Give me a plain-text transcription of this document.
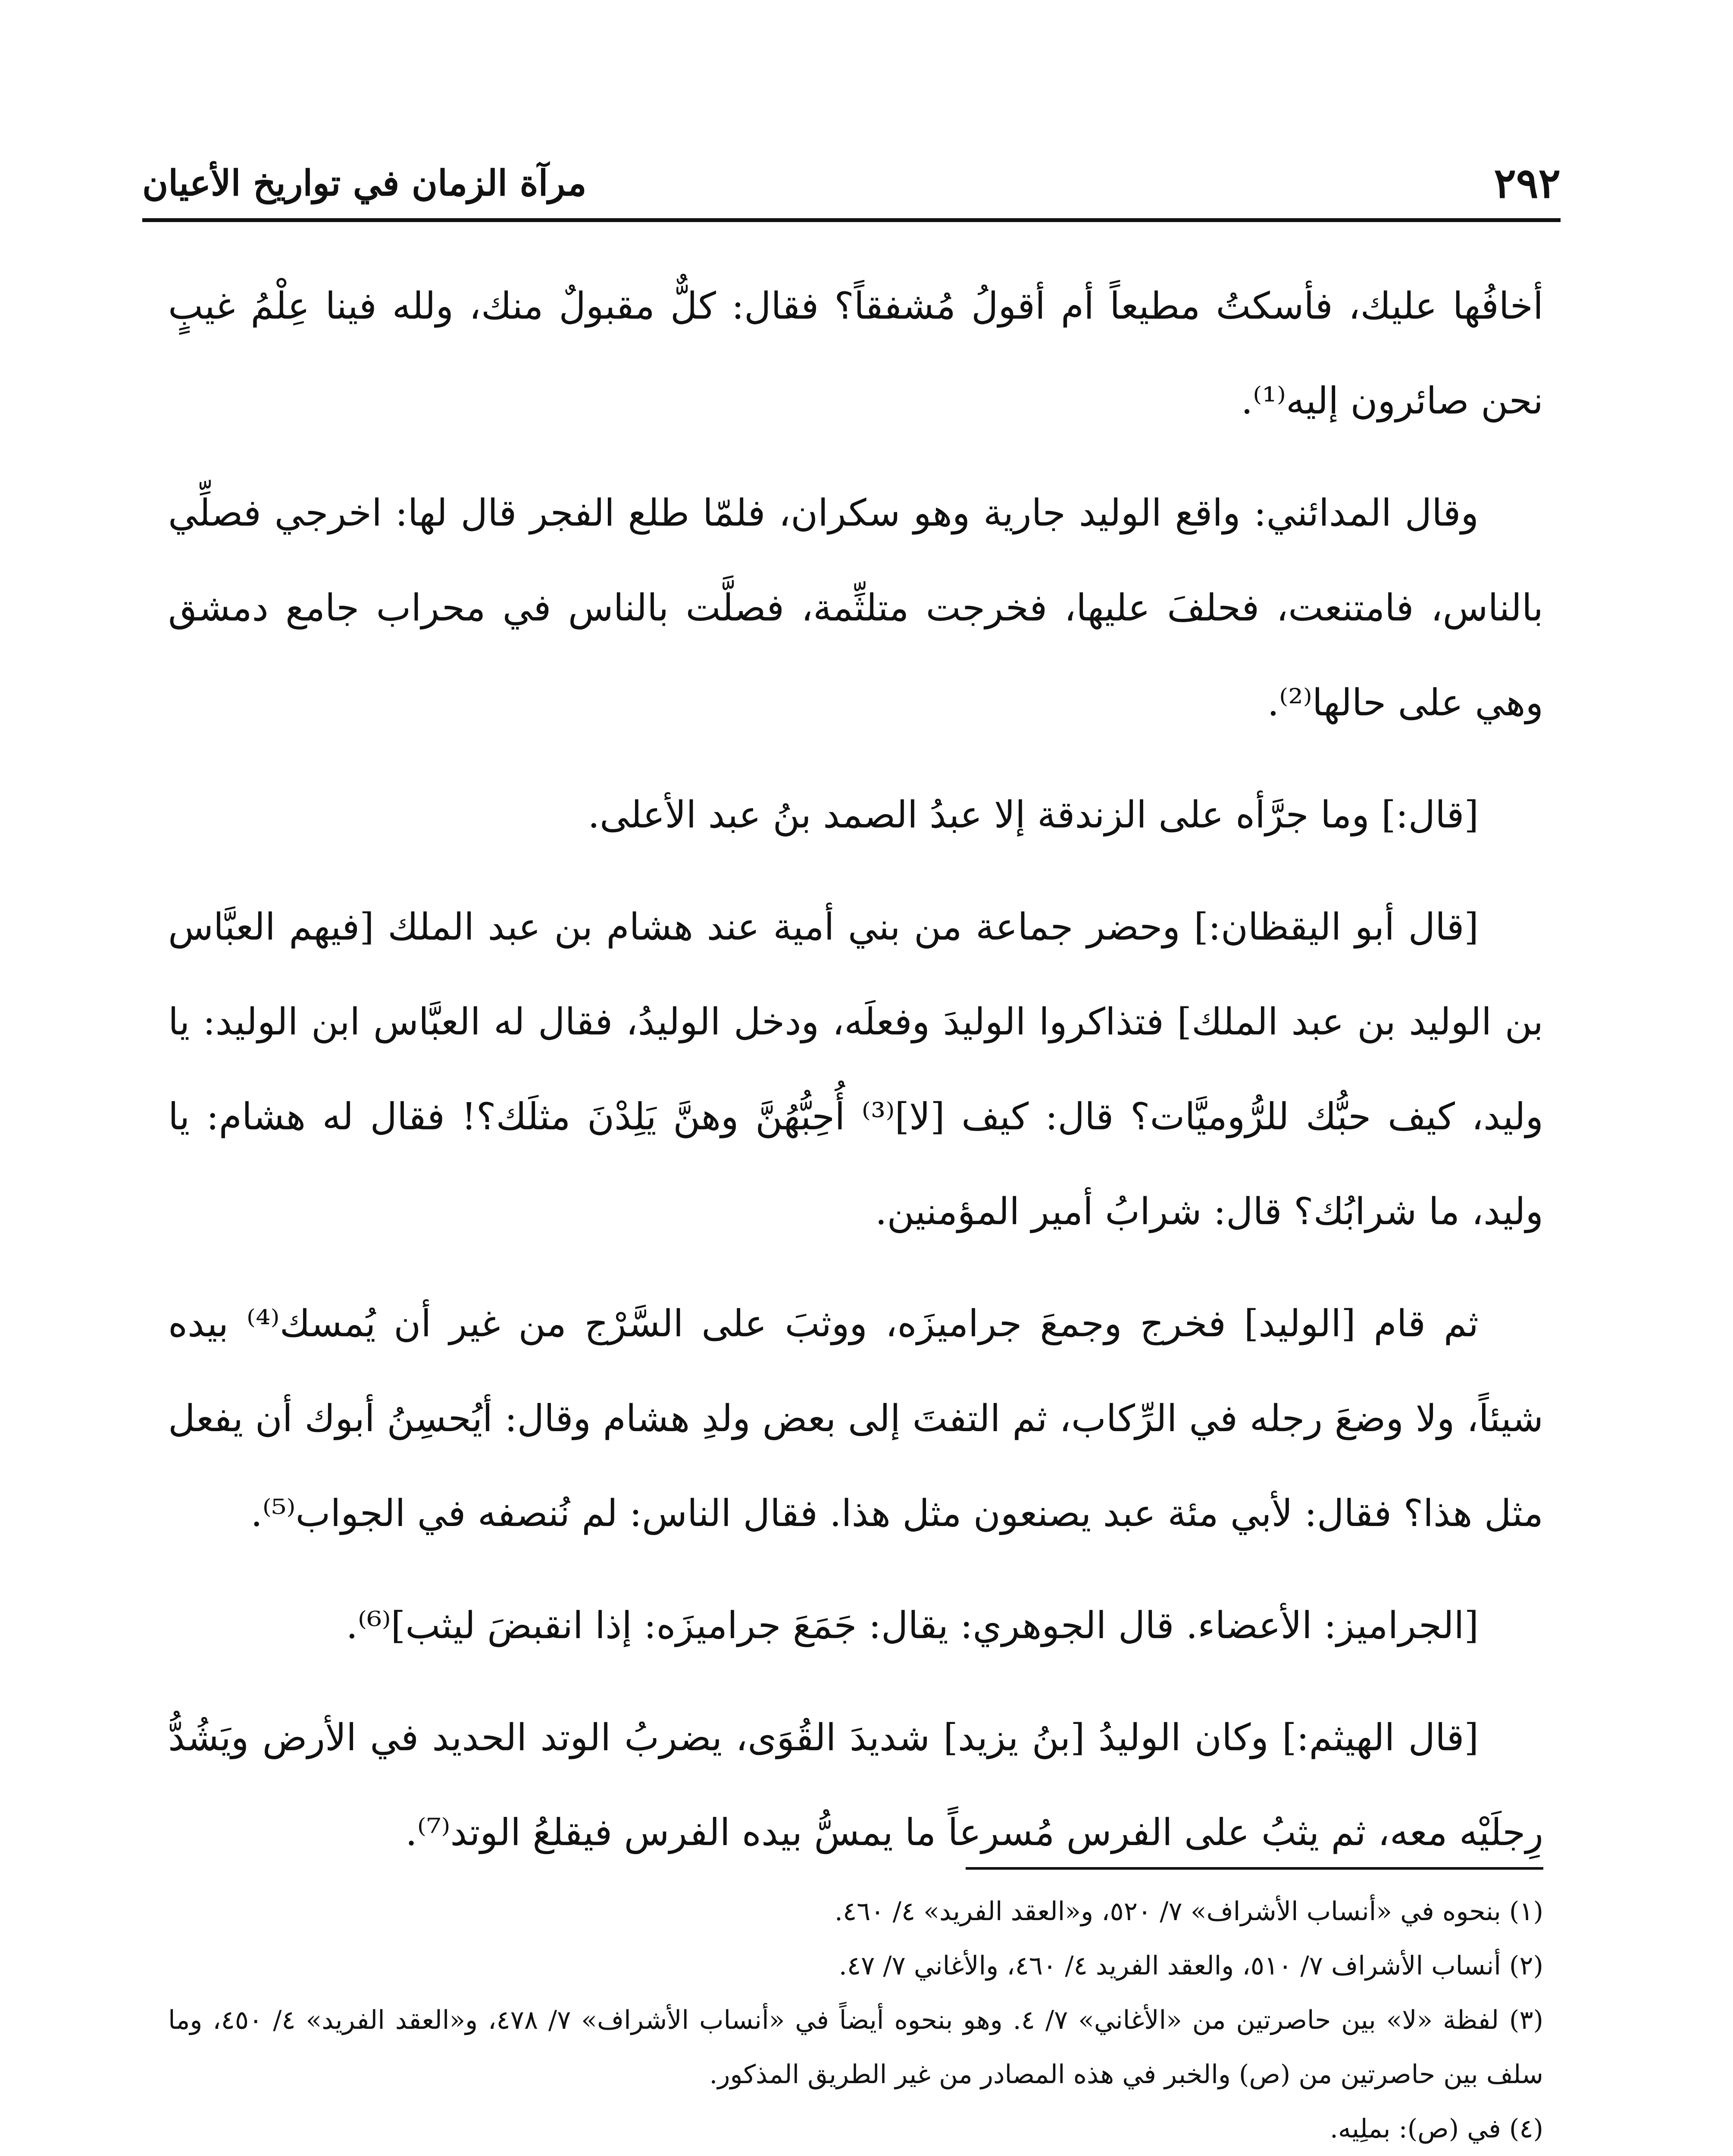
٢٩٢
مرآة الزمان في تواريخ الأعيان

أخافُها عليك، فأسكتُ مطيعاً أم أقولُ مُشفقاً؟ فقال: كلٌّ مقبولٌ منك، ولله فينا عِلْمُ غيبٍ نحن صائرون إليه⁽¹⁾.

وقال المدائني: واقع الوليد جارية وهو سكران، فلمّا طلع الفجر قال لها: اخرجي فصلِّي بالناس، فامتنعت، فحلفَ عليها، فخرجت متلثِّمة، فصلَّت بالناس في محراب جامع دمشق وهي على حالها⁽²⁾.

[قال:] وما جرَّأه على الزندقة إلا عبدُ الصمد بنُ عبد الأعلى.

[قال أبو اليقظان:] وحضر جماعة من بني أمية عند هشام بن عبد الملك [فيهم العبَّاس بن الوليد بن عبد الملك] فتذاكروا الوليدَ وفعلَه، ودخل الوليدُ، فقال له العبَّاس ابن الوليد: يا وليد، كيف حبُّك للرُّوميَّات؟ قال: كيف [لا]⁽³⁾ أُحِبُّهُنَّ وهنَّ يَلِدْنَ مثلَك؟! فقال له هشام: يا وليد، ما شرابُك؟ قال: شرابُ أمير المؤمنين.

ثم قام [الوليد] فخرج وجمعَ جراميزَه، ووثبَ على السَّرْج من غير أن يُمسك⁽⁴⁾ بيده شيئاً، ولا وضعَ رجله في الرِّكاب، ثم التفتَ إلى بعض ولدِ هشام وقال: أيُحسِنُ أبوك أن يفعل مثل هذا؟ فقال: لأبي مئة عبد يصنعون مثل هذا. فقال الناس: لم نُنصفه في الجواب⁽⁵⁾.

[الجراميز: الأعضاء. قال الجوهري: يقال: جَمَعَ جراميزَه: إذا انقبضَ ليثب]⁽⁶⁾.

[قال الهيثم:] وكان الوليدُ [بنُ يزيد] شديدَ القُوَى، يضربُ الوتد الحديد في الأرض ويَشُدُّ رِجلَيْه معه، ثم يثبُ على الفرس مُسرعاً ما يمسُّ بيده الفرس فيقلعُ الوتد⁽⁷⁾.

(١) بنحوه في «أنساب الأشراف» ٧/ ٥٢٠، و«العقد الفريد» ٤/ ٤٦٠.

(٢) أنساب الأشراف ٧/ ٥١٠، والعقد الفريد ٤/ ٤٦٠، والأغاني ٧/ ٤٧.

(٣) لفظة «لا» بين حاصرتين من «الأغاني» ٧/ ٤. وهو بنحوه أيضاً في «أنساب الأشراف» ٧/ ٤٧٨، و«العقد الفريد» ٤/ ٤٥٠، وما سلف بين حاصرتين من (ص) والخبر في هذه المصادر من غير الطريق المذكور.

(٤) في (ص): بملِيه.
